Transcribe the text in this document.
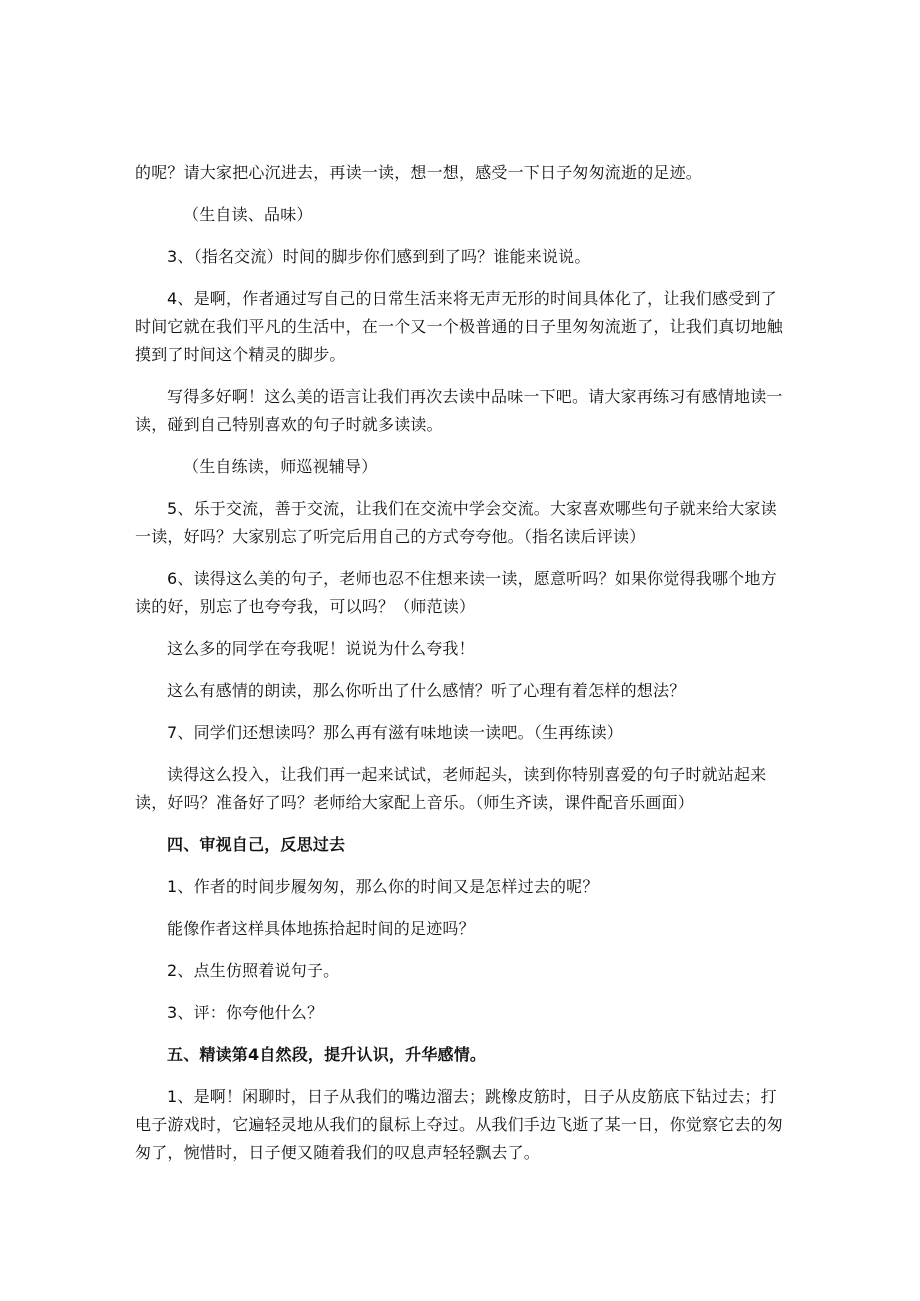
的呢？请大家把心沉进去，再读一读，想一想，感受一下日子匆匆流逝的足迹。

（生自读、品味）

3、（指名交流）时间的脚步你们感到到了吗？谁能来说说。

4、是啊，作者通过写自己的日常生活来将无声无形的时间具体化了，让我们感受到了时间它就在我们平凡的生活中，在一个又一个极普通的日子里匆匆流逝了，让我们真切地触摸到了时间这个精灵的脚步。

写得多好啊！这么美的语言让我们再次去读中品味一下吧。请大家再练习有感情地读一读，碰到自己特别喜欢的句子时就多读读。

（生自练读，师巡视辅导）

5、乐于交流，善于交流，让我们在交流中学会交流。大家喜欢哪些句子就来给大家读一读，好吗？大家别忘了听完后用自己的方式夸夸他。（指名读后评读）

6、读得这么美的句子，老师也忍不住想来读一读，愿意听吗？如果你觉得我哪个地方读的好，别忘了也夸夸我，可以吗？（师范读）

这么多的同学在夸我呢！说说为什么夸我！

这么有感情的朗读，那么你听出了什么感情？听了心理有着怎样的想法？

7、同学们还想读吗？那么再有滋有味地读一读吧。（生再练读）

读得这么投入，让我们再一起来试试，老师起头，读到你特别喜爱的句子时就站起来读，好吗？准备好了吗？老师给大家配上音乐。（师生齐读，课件配音乐画面）

四、审视自己，反思过去

1、作者的时间步履匆匆，那么你的时间又是怎样过去的呢？

能像作者这样具体地拣拾起时间的足迹吗？

2、点生仿照着说句子。

3、评：你夸他什么？

五、精读第4自然段，提升认识，升华感情。

1、是啊！闲聊时，日子从我们的嘴边溜去；跳橡皮筋时，日子从皮筋底下钻过去；打电子游戏时，它遍轻灵地从我们的鼠标上夺过。从我们手边飞逝了某一日，你觉察它去的匆匆了，惋惜时，日子便又随着我们的叹息声轻轻飘去了。
